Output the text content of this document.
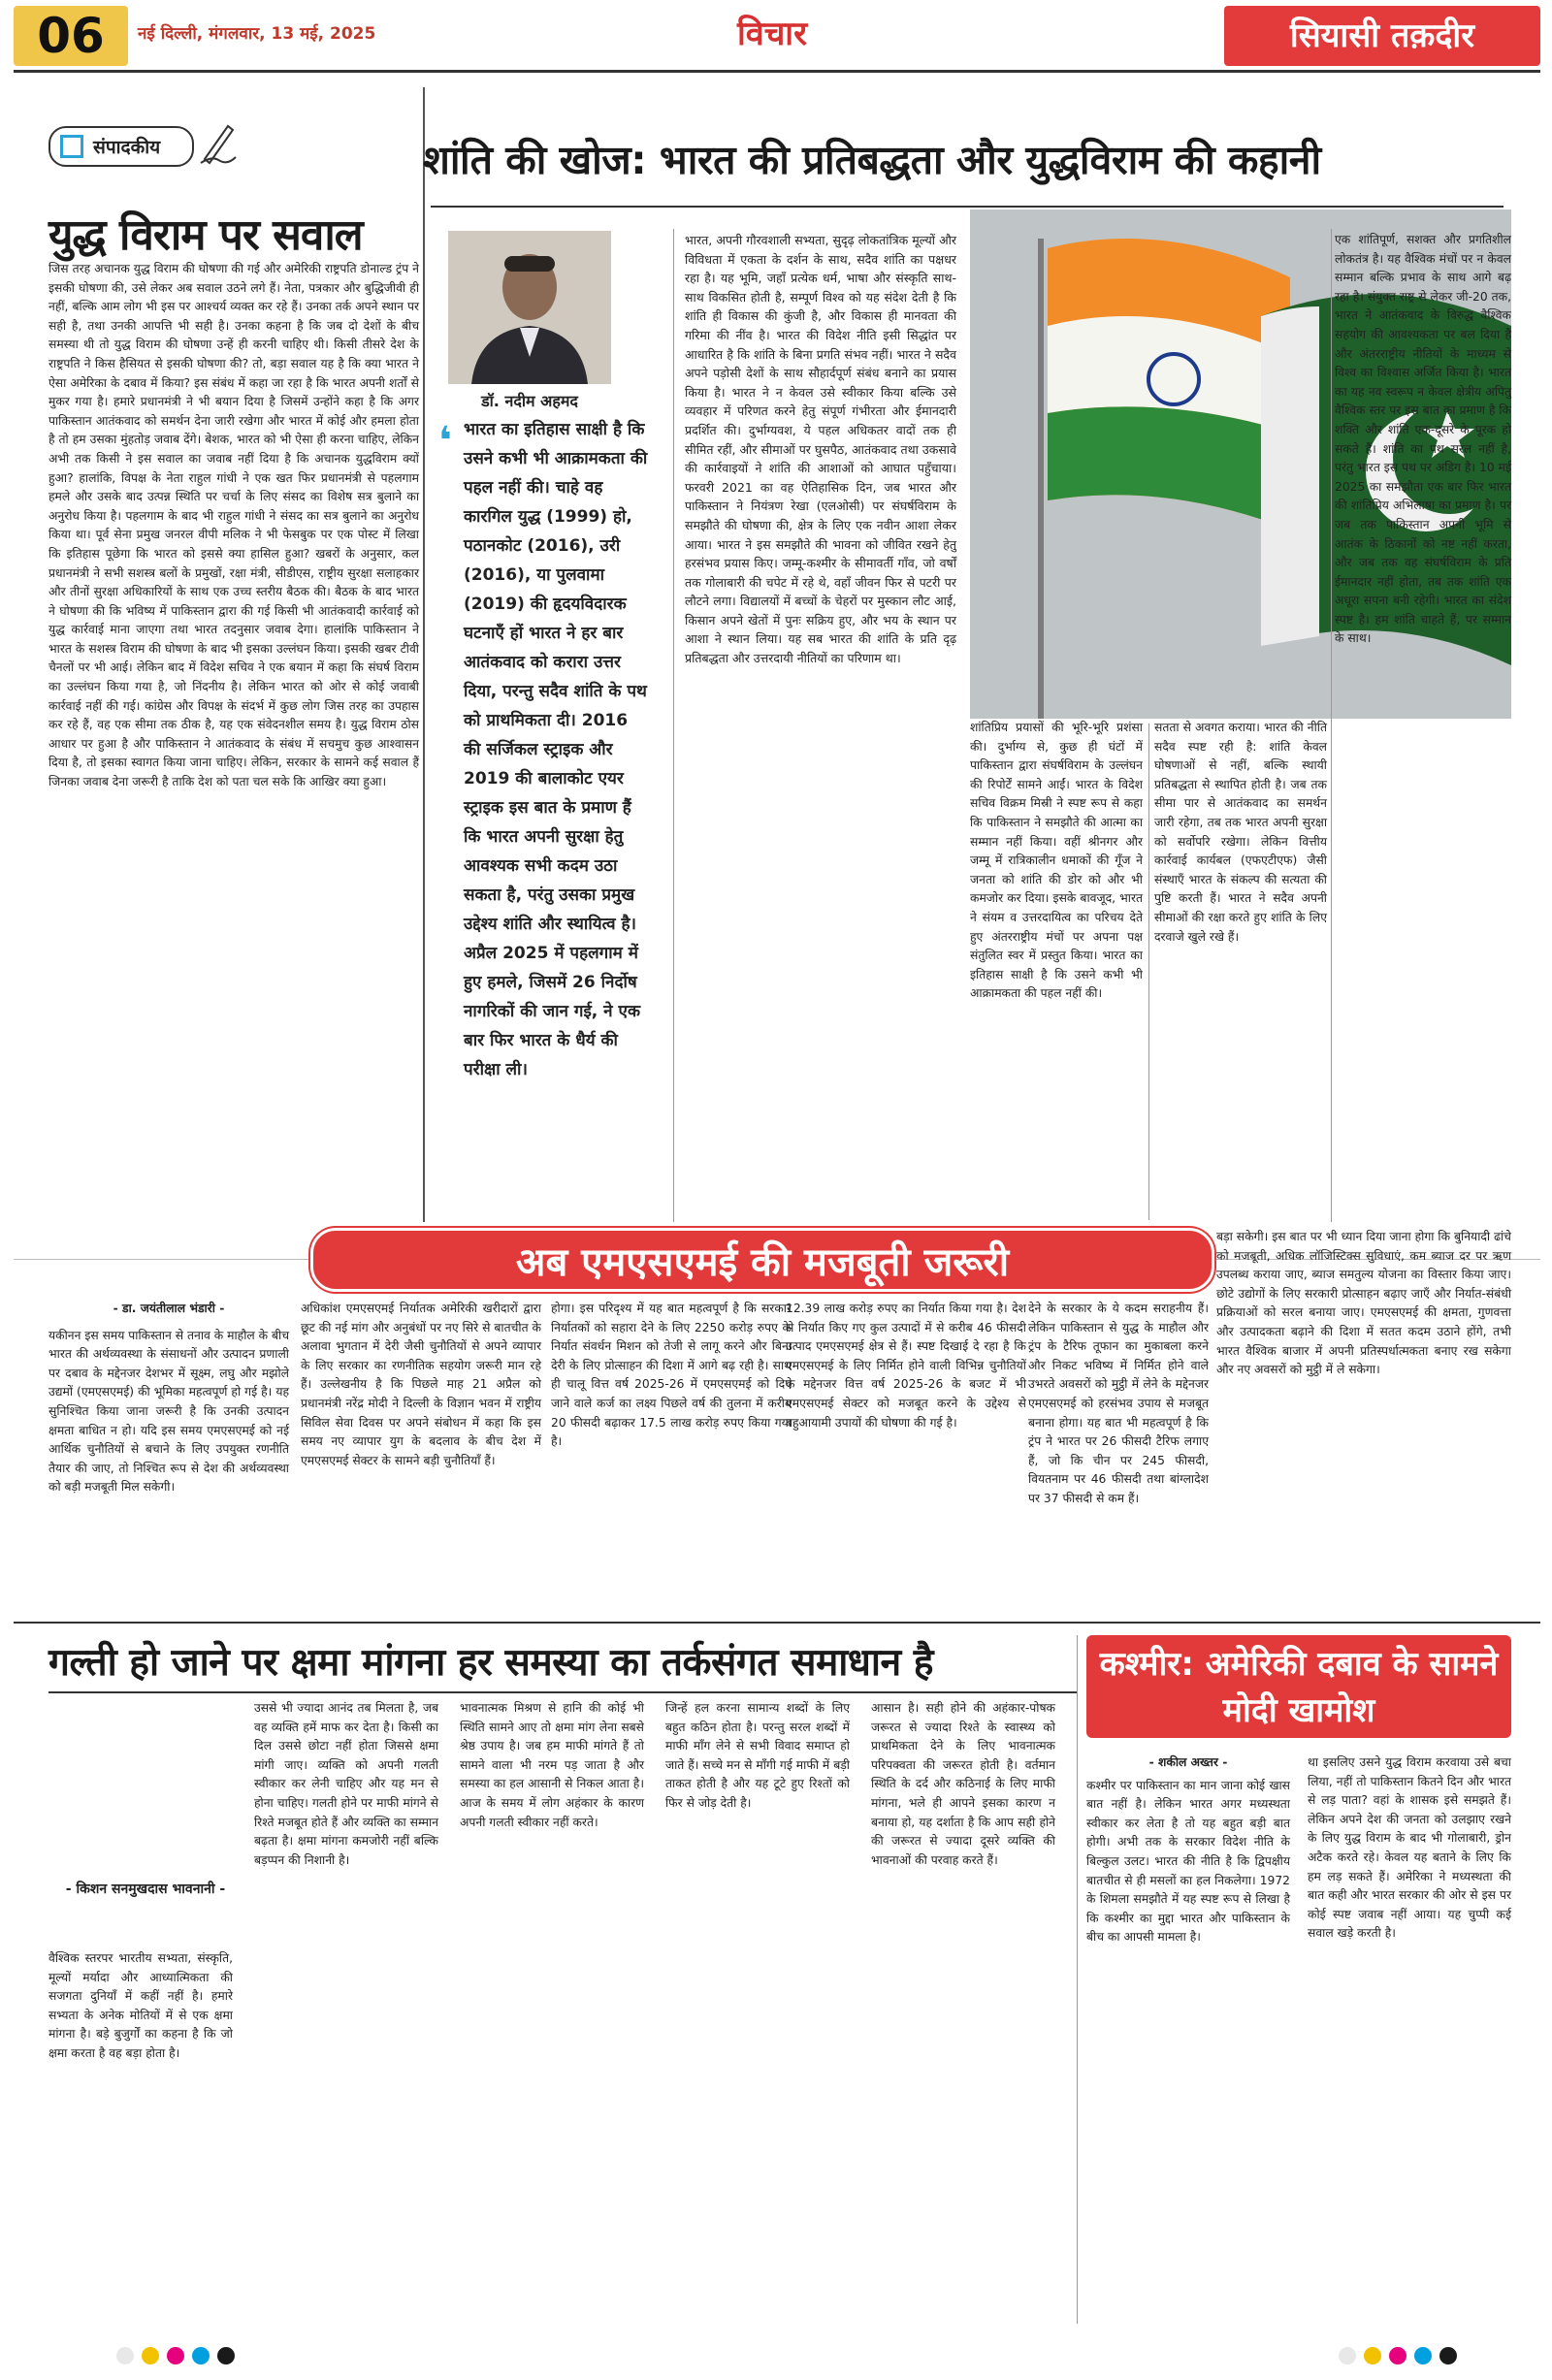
06	नई दिल्ली, मंगलवार, 13 मई, 2025	विचार	सियासी तक़दीर
संपादकीय
युद्ध विराम पर सवाल
जिस तरह अचानक युद्ध विराम की घोषणा की गई और अमेरिकी राष्ट्रपति डोनाल्ड ट्रंप ने इसकी घोषणा की, उसे लेकर अब सवाल उठने लगे हैं। नेता, पत्रकार और बुद्धिजीवी ही नहीं, बल्कि आम लोग भी इस पर आश्चर्य व्यक्त कर रहे हैं। उनका तर्क अपने स्थान पर सही है, तथा उनकी आपत्ति भी सही है। उनका कहना है कि जब दो देशों के बीच समस्या थी तो युद्ध विराम की घोषणा उन्हें ही करनी चाहिए थी। किसी तीसरे देश के राष्ट्रपति ने किस हैसियत से इसकी घोषणा की? तो, बड़ा सवाल यह है कि क्या भारत ने ऐसा अमेरिका के दबाव में किया? इस संबंध में कहा जा रहा है कि भारत अपनी शर्तों से मुकर गया है। हमारे प्रधानमंत्री ने भी बयान दिया है जिसमें उन्होंने कहा है कि अगर पाकिस्तान आतंकवाद को समर्थन देना जारी रखेगा और भारत में कोई और हमला होता है तो हम उसका मुंहतोड़ जवाब देंगे। बेशक, भारत को भी ऐसा ही करना चाहिए, लेकिन अभी तक किसी ने इस सवाल का जवाब नहीं दिया है कि अचानक युद्धविराम क्यों हुआ? हालांकि, विपक्ष के नेता राहुल गांधी ने एक खत फिर प्रधानमंत्री से पहलगाम हमले और उसके बाद उत्पन्न स्थिति पर चर्चा के लिए संसद का विशेष सत्र बुलाने का अनुरोध किया है। पहलगाम के बाद भी राहुल गांधी ने संसद का सत्र बुलाने का अनुरोध किया था। पूर्व सेना प्रमुख जनरल वीपी मलिक ने भी फेसबुक पर एक पोस्ट में लिखा कि इतिहास पूछेगा कि भारत को इससे क्या हासिल हुआ? खबरों के अनुसार, कल प्रधानमंत्री ने सभी सशस्त्र बलों के प्रमुखों, रक्षा मंत्री, सीडीएस, राष्ट्रीय सुरक्षा सलाहकार और तीनों सुरक्षा अधिकारियों के साथ एक उच्च स्तरीय बैठक की। बैठक के बाद भारत ने घोषणा की कि भविष्य में पाकिस्तान द्वारा की गई किसी भी आतंकवादी कार्रवाई को युद्ध कार्रवाई माना जाएगा तथा भारत तदनुसार जवाब देगा। हालांकि पाकिस्तान ने भारत के सशस्त्र विराम की घोषणा के बाद भी इसका उल्लंघन किया। इसकी खबर टीवी चैनलों पर भी आई। लेकिन बाद में विदेश सचिव ने एक बयान में कहा कि संघर्ष विराम का उल्लंघन किया गया है, जो निंदनीय है। लेकिन भारत को ओर से कोई जवाबी कार्रवाई नहीं की गई। कांग्रेस और विपक्ष के संदर्भ में कुछ लोग जिस तरह का उपहास कर रहे हैं, वह एक सीमा तक ठीक है, यह एक संवेदनशील समय है। युद्ध विराम ठोस आधार पर हुआ है और पाकिस्तान ने आतंकवाद के संबंध में सचमुच कुछ आश्वासन दिया है, तो इसका स्वागत किया जाना चाहिए। लेकिन, सरकार के सामने कई सवाल हैं जिनका जवाब देना जरूरी है ताकि देश को पता चल सके कि आखिर क्या हुआ।
शांति की खोज: भारत की प्रतिबद्धता और युद्धविराम की कहानी
डॉ. नदीम अहमद
❛ भारत का इतिहास साक्षी है कि उसने कभी भी आक्रामकता की पहल नहीं की। चाहे वह कारगिल युद्ध (1999) हो, पठानकोट (2016), उरी (2016), या पुलवामा (2019) की हृदयविदारक घटनाएँ हों भारत ने हर बार आतंकवाद को करारा उत्तर दिया, परन्तु सदैव शांति के पथ को प्राथमिकता दी। 2016 की सर्जिकल स्ट्राइक और 2019 की बालाकोट एयर स्ट्राइक इस बात के प्रमाण हैं कि भारत अपनी सुरक्षा हेतु आवश्यक सभी कदम उठा सकता है, परंतु उसका प्रमुख उद्देश्य शांति और स्थायित्व है। अप्रैल 2025 में पहलगाम में हुए हमले, जिसमें 26 निर्दोष नागरिकों की जान गई, ने एक बार फिर भारत के धैर्य की परीक्षा ली।
भारत, अपनी गौरवशाली सभ्यता, सुदृढ़ लोकतांत्रिक मूल्यों और विविधता में एकता के दर्शन के साथ, सदैव शांति का पक्षधर रहा है। यह भूमि, जहाँ प्रत्येक धर्म, भाषा और संस्कृति साथ-साथ विकसित होती है, सम्पूर्ण विश्व को यह संदेश देती है कि शांति ही विकास की कुंजी है, और विकास ही मानवता की गरिमा की नींव है। भारत की विदेश नीति इसी सिद्धांत पर आधारित है कि शांति के बिना प्रगति संभव नहीं। भारत ने सदैव अपने पड़ोसी देशों के साथ सौहार्दपूर्ण संबंध बनाने का प्रयास किया है। भारत ने न केवल उसे स्वीकार किया बल्कि उसे व्यवहार में परिणत करने हेतु संपूर्ण गंभीरता और ईमानदारी प्रदर्शित की। दुर्भाग्यवश, ये पहल अधिकतर वादों तक ही सीमित रहीं, और सीमाओं पर घुसपैठ, आतंकवाद तथा उकसावे की कार्रवाइयों ने शांति की आशाओं को आघात पहुँचाया। फरवरी 2021 का वह ऐतिहासिक दिन, जब भारत और पाकिस्तान ने नियंत्रण रेखा (एलओसी) पर संघर्षविराम के समझौते की घोषणा की, क्षेत्र के लिए एक नवीन आशा लेकर आया। भारत ने इस समझौते की भावना को जीवित रखने हेतु हरसंभव प्रयास किए। जम्मू-कश्मीर के सीमावर्ती गाँव, जो वर्षों तक गोलाबारी की चपेट में रहे थे, वहाँ जीवन फिर से पटरी पर लौटने लगा। विद्यालयों में बच्चों के चेहरों पर मुस्कान लौट आई, किसान अपने खेतों में पुनः सक्रिय हुए, और भय के स्थान पर आशा ने स्थान लिया। यह सब भारत की शांति के प्रति दृढ़ प्रतिबद्धता और उत्तरदायी नीतियों का परिणाम था।
शांतिप्रिय प्रयासों की भूरि-भूरि प्रशंसा की। दुर्भाग्य से, कुछ ही घंटों में पाकिस्तान द्वारा संघर्षविराम के उल्लंघन की रिपोर्टें सामने आईं। भारत के विदेश सचिव विक्रम मिस्री ने स्पष्ट रूप से कहा कि पाकिस्तान ने समझौते की आत्मा का सम्मान नहीं किया। वहीं श्रीनगर और जम्मू में रात्रिकालीन धमाकों की गूँज ने जनता को शांति की डोर को और भी कमजोर कर दिया। इसके बावजूद, भारत ने संयम व उत्तरदायित्व का परिचय देते हुए अंतरराष्ट्रीय मंचों पर अपना पक्ष संतुलित स्वर में प्रस्तुत किया। भारत का इतिहास साक्षी है कि उसने कभी भी आक्रामकता की पहल नहीं की।
सतता से अवगत कराया। भारत की नीति सदैव स्पष्ट रही है: शांति केवल घोषणाओं से नहीं, बल्कि स्थायी प्रतिबद्धता से स्थापित होती है। जब तक सीमा पार से आतंकवाद का समर्थन जारी रहेगा, तब तक भारत अपनी सुरक्षा को सर्वोपरि रखेगा। लेकिन वित्तीय कार्रवाई कार्यबल (एफएटीएफ) जैसी संस्थाएँ भारत के संकल्प की सत्यता की पुष्टि करती हैं। भारत ने सदैव अपनी सीमाओं की रक्षा करते हुए शांति के लिए दरवाजे खुले रखे हैं।
एक शांतिपूर्ण, सशक्त और प्रगतिशील लोकतंत्र है। यह वैश्विक मंचों पर न केवल सम्मान बल्कि प्रभाव के साथ आगे बढ़ रहा है। संयुक्त राष्ट्र से लेकर जी-20 तक, भारत ने आतंकवाद के विरुद्ध वैश्विक सहयोग की आवश्यकता पर बल दिया है और अंतरराष्ट्रीय नीतियों के माध्यम से विश्व का विश्वास अर्जित किया है। भारत का यह नव स्वरूप न केवल क्षेत्रीय अपितु वैश्विक स्तर पर इस बात का प्रमाण है कि शक्ति और शांति एक-दूसरे के पूरक हो सकते हैं। शांति का पथ सरल नहीं है, परंतु भारत इस पथ पर अडिग है। 10 मई 2025 का समझौता एक बार फिर भारत की शांतिप्रिय अभिलाषा का प्रमाण है। पर जब तक पाकिस्तान अपनी भूमि से आतंक के ठिकानों को नष्ट नहीं करता, और जब तक वह संघर्षविराम के प्रति ईमानदार नहीं होता, तब तक शांति एक अधूरा सपना बनी रहेगी। भारत का संदेश स्पष्ट है। हम शांति चाहते हैं, पर सम्मान के साथ।
अब एमएसएमई की मजबूती जरूरी
- डा. जयंतीलाल भंडारी -
यकीनन इस समय पाकिस्तान से तनाव के माहौल के बीच भारत की अर्थव्यवस्था के संसाधनों और उत्पादन प्रणाली पर दबाव के मद्देनजर देशभर में सूक्ष्म, लघु और मझोले उद्यमों (एमएसएमई) की भूमिका महत्वपूर्ण हो गई है। यह सुनिश्चित किया जाना जरूरी है कि उनकी उत्पादन क्षमता बाधित न हो। यदि इस समय एमएसएमई को नई आर्थिक चुनौतियों से बचाने के लिए उपयुक्त रणनीति तैयार की जाए, तो निश्चित रूप से देश की अर्थव्यवस्था को बड़ी मजबूती मिल सकेगी।
अधिकांश एमएसएमई निर्यातक अमेरिकी खरीदारों द्वारा छूट की नई मांग और अनुबंधों पर नए सिरे से बातचीत के अलावा भुगतान में देरी जैसी चुनौतियों से अपने व्यापार के लिए सरकार का रणनीतिक सहयोग जरूरी मान रहे हैं। उल्लेखनीय है कि पिछले माह 21 अप्रैल को प्रधानमंत्री नरेंद्र मोदी ने दिल्ली के विज्ञान भवन में राष्ट्रीय सिविल सेवा दिवस पर अपने संबोधन में कहा कि इस समय नए व्यापार युग के बदलाव के बीच देश में एमएसएमई सेक्टर के सामने बड़ी चुनौतियाँ हैं।
होगा। इस परिदृश्य में यह बात महत्वपूर्ण है कि सरकार निर्यातकों को सहारा देने के लिए 2250 करोड़ रुपए के निर्यात संवर्धन मिशन को तेजी से लागू करने और बिना देरी के लिए प्रोत्साहन की दिशा में आगे बढ़ रही है। साथ ही चालू वित्त वर्ष 2025-26 में एमएसएमई को दिए जाने वाले कर्ज का लक्ष्य पिछले वर्ष की तुलना में करीब 20 फीसदी बढ़ाकर 17.5 लाख करोड़ रुपए किया गया है।
12.39 लाख करोड़ रुपए का निर्यात किया गया है। देश से निर्यात किए गए कुल उत्पादों में से करीब 46 फीसदी उत्पाद एमएसएमई क्षेत्र से हैं। स्पष्ट दिखाई दे रहा है कि एमएसएमई के लिए निर्मित होने वाली विभिन्न चुनौतियों के मद्देनजर वित्त वर्ष 2025-26 के बजट में भी एमएसएमई सेक्टर को मजबूत करने के उद्देश्य से बहुआयामी उपायों की घोषणा की गई है।
देने के सरकार के ये कदम सराहनीय हैं। लेकिन पाकिस्तान से युद्ध के माहौल और ट्रंप के टैरिफ तूफान का मुकाबला करने और निकट भविष्य में निर्मित होने वाले उभरते अवसरों को मुट्ठी में लेने के मद्देनजर एमएसएमई को हरसंभव उपाय से मजबूत बनाना होगा। यह बात भी महत्वपूर्ण है कि ट्रंप ने भारत पर 26 फीसदी टैरिफ लगाए हैं, जो कि चीन पर 245 फीसदी, वियतनाम पर 46 फीसदी तथा बांग्लादेश पर 37 फीसदी से कम हैं।
बड़ा सकेगी। इस बात पर भी ध्यान दिया जाना होगा कि बुनियादी ढांचे को मजबूती, अधिक लॉजिस्टिक्स सुविधाएं, कम ब्याज दर पर ऋण उपलब्ध कराया जाए, ब्याज समतुल्य योजना का विस्तार किया जाए। छोटे उद्योगों के लिए सरकारी प्रोत्साहन बढ़ाए जाएँ और निर्यात-संबंधी प्रक्रियाओं को सरल बनाया जाए। एमएसएमई की क्षमता, गुणवत्ता और उत्पादकता बढ़ाने की दिशा में सतत कदम उठाने होंगे, तभी भारत वैश्विक बाजार में अपनी प्रतिस्पर्धात्मकता बनाए रख सकेगा और नए अवसरों को मुट्ठी में ले सकेगा।
गल्ती हो जाने पर क्षमा मांगना हर समस्या का तर्कसंगत समाधान है
- किशन सनमुखदास भावनानी -
वैश्विक स्तरपर भारतीय सभ्यता, संस्कृति, मूल्यों मर्यादा और आध्यात्मिकता की सजगता दुनियाँ में कहीं नहीं है। हमारे सभ्यता के अनेक मोतियों में से एक क्षमा मांगना है। बड़े बुजुर्गों का कहना है कि जो क्षमा करता है वह बड़ा होता है।
उससे भी ज्यादा आनंद तब मिलता है, जब वह व्यक्ति हमें माफ कर देता है। किसी का दिल उससे छोटा नहीं होता जिससे क्षमा मांगी जाए। व्यक्ति को अपनी गलती स्वीकार कर लेनी चाहिए और यह मन से होना चाहिए। गलती होने पर माफी मांगने से रिश्ते मजबूत होते हैं और व्यक्ति का सम्मान बढ़ता है। क्षमा मांगना कमजोरी नहीं बल्कि बड़प्पन की निशानी है।
भावनात्मक मिश्रण से हानि की कोई भी स्थिति सामने आए तो क्षमा मांग लेना सबसे श्रेष्ठ उपाय है। जब हम माफी मांगते हैं तो सामने वाला भी नरम पड़ जाता है और समस्या का हल आसानी से निकल आता है। आज के समय में लोग अहंकार के कारण अपनी गलती स्वीकार नहीं करते।
जिन्हें हल करना सामान्य शब्दों के लिए बहुत कठिन होता है। परन्तु सरल शब्दों में माफी माँग लेने से सभी विवाद समाप्त हो जाते हैं। सच्चे मन से माँगी गई माफी में बड़ी ताकत होती है और यह टूटे हुए रिश्तों को फिर से जोड़ देती है।
आसान है। सही होने की अहंकार-पोषक जरूरत से ज्यादा रिश्ते के स्वास्थ्य को प्राथमिकता देने के लिए भावनात्मक परिपक्वता की जरूरत होती है। वर्तमान स्थिति के दर्द और कठिनाई के लिए माफी मांगना, भले ही आपने इसका कारण न बनाया हो, यह दर्शाता है कि आप सही होने की जरूरत से ज्यादा दूसरे व्यक्ति की भावनाओं की परवाह करते हैं।
कश्मीर: अमेरिकी दबाव के सामने मोदी खामोश
- शकील अख्तर -
कश्मीर पर पाकिस्तान का मान जाना कोई खास बात नहीं है। लेकिन भारत अगर मध्यस्थता स्वीकार कर लेता है तो यह बहुत बड़ी बात होगी। अभी तक के सरकार विदेश नीति के बिल्कुल उलट। भारत की नीति है कि द्विपक्षीय बातचीत से ही मसलों का हल निकलेगा। 1972 के शिमला समझौते में यह स्पष्ट रूप से लिखा है कि कश्मीर का मुद्दा भारत और पाकिस्तान के बीच का आपसी मामला है।
था इसलिए उसने युद्ध विराम करवाया उसे बचा लिया, नहीं तो पाकिस्तान कितने दिन और भारत से लड़ पाता? वहां के शासक इसे समझते हैं। लेकिन अपने देश की जनता को उलझाए रखने के लिए युद्ध विराम के बाद भी गोलाबारी, ड्रोन अटैक करते रहे। केवल यह बताने के लिए कि हम लड़ सकते हैं। अमेरिका ने मध्यस्थता की बात कही और भारत सरकार की ओर से इस पर कोई स्पष्ट जवाब नहीं आया। यह चुप्पी कई सवाल खड़े करती है।
